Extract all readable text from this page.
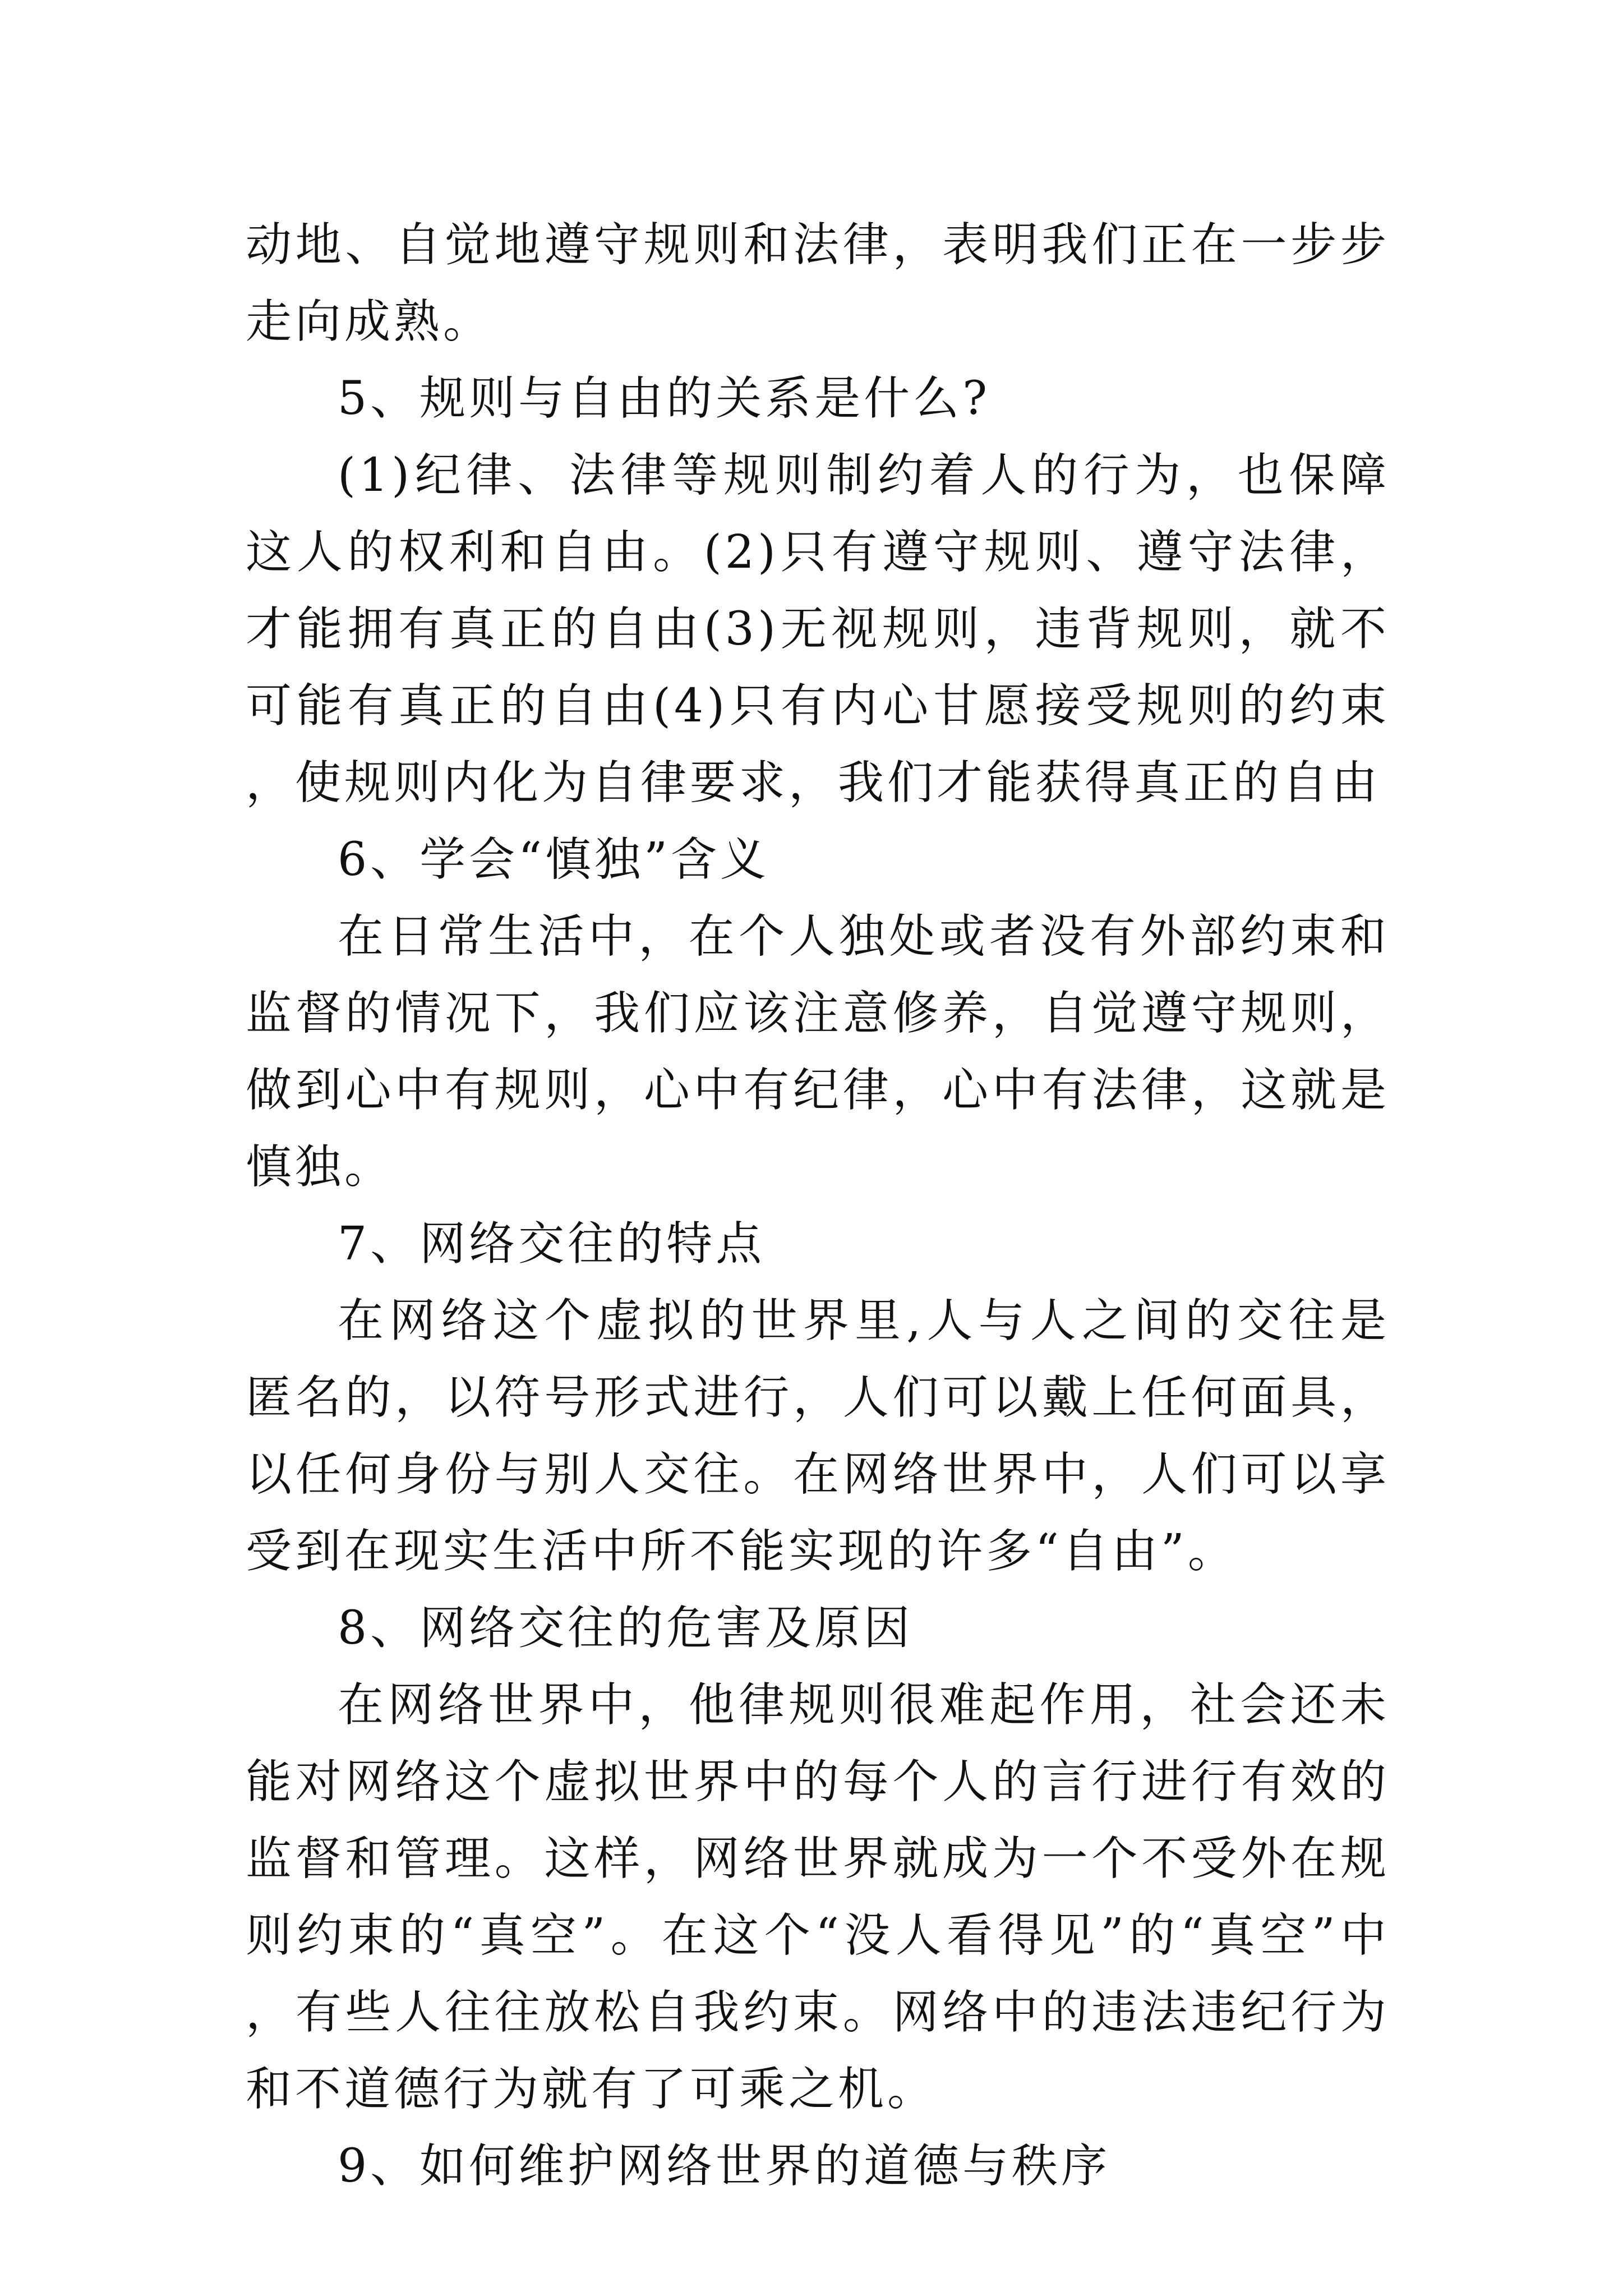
动地、自觉地遵守规则和法律，表明我们正在一步步走向成熟。

5、规则与自由的关系是什么?

(1)纪律、法律等规则制约着人的行为，也保障这人的权利和自由。(2)只有遵守规则、遵守法律，才能拥有真正的自由(3)无视规则，违背规则，就不可能有真正的自由(4)只有内心甘愿接受规则的约束，使规则内化为自律要求，我们才能获得真正的自由

6、学会“慎独”含义

在日常生活中，在个人独处或者没有外部约束和监督的情况下，我们应该注意修养，自觉遵守规则，做到心中有规则，心中有纪律，心中有法律，这就是慎独。

7、网络交往的特点

在网络这个虚拟的世界里,人与人之间的交往是匿名的，以符号形式进行，人们可以戴上任何面具，以任何身份与别人交往。在网络世界中，人们可以享受到在现实生活中所不能实现的许多“自由”。

8、网络交往的危害及原因

在网络世界中，他律规则很难起作用，社会还未能对网络这个虚拟世界中的每个人的言行进行有效的监督和管理。这样，网络世界就成为一个不受外在规则约束的“真空”。在这个“没人看得见”的“真空”中，有些人往往放松自我约束。网络中的违法违纪行为和不道德行为就有了可乘之机。

9、如何维护网络世界的道德与秩序
